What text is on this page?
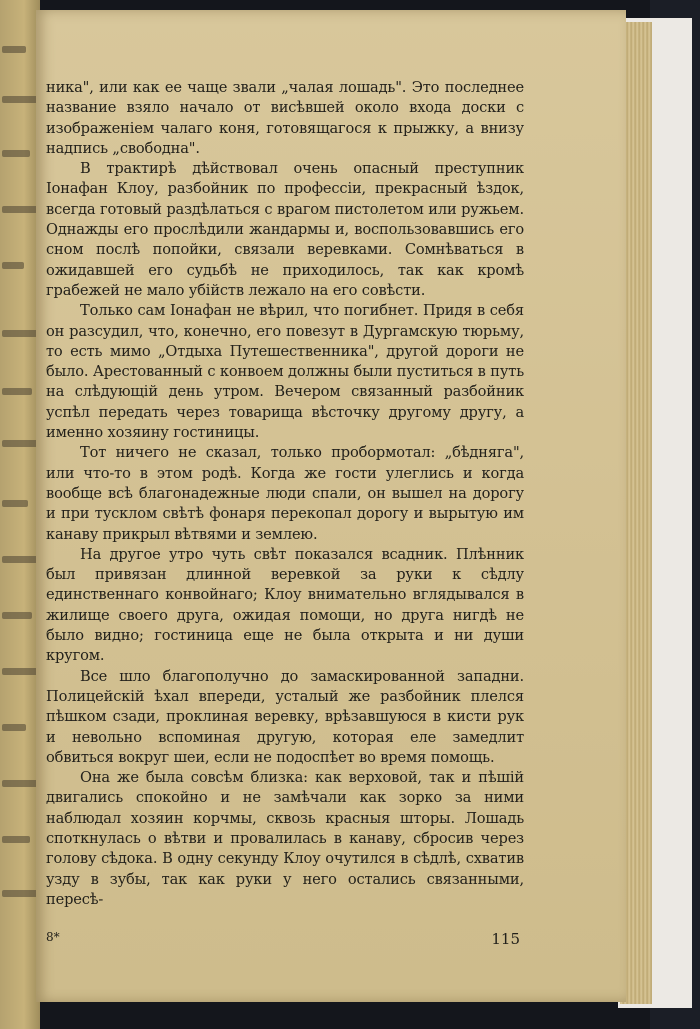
ника", или как ее чаще звали „чалая лошадь". Это последнее название взяло начало от висѣвшей около входа доски с изображенiем чалаго коня, готовящагося к прыжку, а внизу надпись „свободна".

В трактирѣ дѣйствовал очень опасный преступник Iонафан Клоу, разбойник по профессiи, прекрасный ѣздок, всегда готовый раздѣлаться с врагом пистолетом или ружьем. Однажды его прослѣдили жандармы и, воспользовавшись его сном послѣ попойки, связали веревками. Сомнѣваться в ожидавшей его судьбѣ не приходилось, так как кромѣ грабежей не мало убiйств лежало на его совѣсти.

Только сам Iонафан не вѣрил, что погибнет. Придя в себя он разсудил, что, конечно, его повезут в Дургамскую тюрьму, то есть мимо „Отдыха Путешественника", другой дороги не было. Арестованный с конвоем должны были пуститься в путь на слѣдующiй день утром. Вечером связанный разбойник успѣл передать через товарища вѣсточку другому другу, а именно хозяину гостиницы.

Тот ничего не сказал, только пробормотал: „бѣдняга", или что-то в этом родѣ. Когда же гости улеглись и когда вообще всѣ благонадежные люди спали, он вышел на дорогу и при тусклом свѣтѣ фонаря перекопал дорогу и вырытую им канаву прикрыл вѣтвями и землею.

На другое утро чуть свѣт показался всадник. Плѣнник был привязан длинной веревкой за руки к сѣдлу единственнаго конвойнаго; Клоу внимательно вглядывался в жилище своего друга, ожидая помощи, но друга нигдѣ не было видно; гостиница еще не была открыта и ни души кругом.

Все шло благополучно до замаскированной западни. Полицейскiй ѣхал впереди, усталый же разбойник плелся пѣшком сзади, проклиная веревку, врѣзавшуюся в кисти рук и невольно вспоминая другую, которая еле замедлит обвиться вокруг шеи, если не подоспѣет во время помощь.

Она же была совсѣм близка: как верховой, так и пѣшiй двигались спокойно и не замѣчали как зорко за ними наблюдал хозяин корчмы, сквозь красныя шторы. Лошадь споткнулась о вѣтви и провалилась в канаву, сбросив через голову сѣдока. В одну секунду Клоу очутился в сѣдлѣ, схватив узду в зубы, так как руки у него остались связанными, пересѣ-

8*	115
